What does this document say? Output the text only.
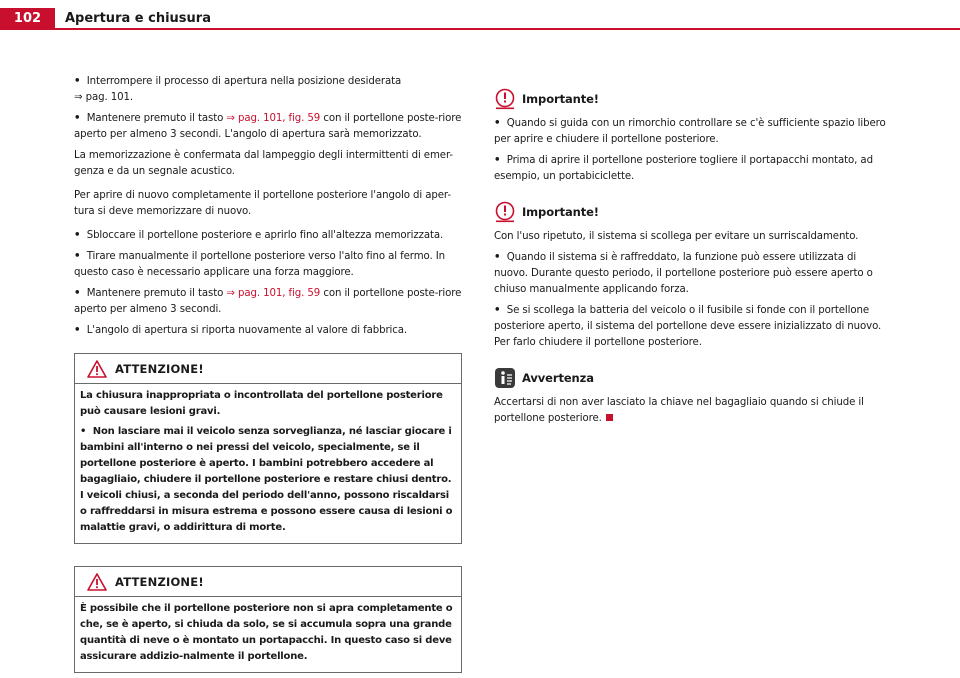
102	Apertura e chiusura
• Interrompere il processo di apertura nella posizione desiderata
⇒ pag. 101.
• Mantenere premuto il tasto ⇒ pag. 101, fig. 59 con il portellone poste-riore aperto per almeno 3 secondi. L'angolo di apertura sarà memorizzato.

La memorizzazione è confermata dal lampeggio degli intermittenti di emer-genza e da un segnale acustico.

Per aprire di nuovo completamente il portellone posteriore l'angolo di aper-tura si deve memorizzare di nuovo.

• Sbloccare il portellone posteriore e aprirlo fino all'altezza memorizzata.
• Tirare manualmente il portellone posteriore verso l'alto fino al fermo. In questo caso è necessario applicare una forza maggiore.
• Mantenere premuto il tasto ⇒ pag. 101, fig. 59 con il portellone poste-riore aperto per almeno 3 secondi.
• L'angolo di apertura si riporta nuovamente al valore di fabbrica.
ATTENZIONE!

La chiusura inappropriata o incontrollata del portellone posteriore può causare lesioni gravi.

• Non lasciare mai il veicolo senza sorveglianza, né lasciar giocare i bambini all'interno o nei pressi del veicolo, specialmente, se il portellone posteriore è aperto. I bambini potrebbero accedere al bagagliaio, chiudere il portellone posteriore e restare chiusi dentro. I veicoli chiusi, a seconda del periodo dell'anno, possono riscaldarsi o raffreddarsi in misura estrema e possono essere causa di lesioni o malattie gravi, o addirittura di morte.

ATTENZIONE!

È possibile che il portellone posteriore non si apra completamente o che, se è aperto, si chiuda da solo, se si accumula sopra una grande quantità di neve o è montato un portapacchi. In questo caso si deve assicurare addizio-nalmente il portellone.

Importante!
• Quando si guida con un rimorchio controllare se c'è sufficiente spazio libero per aprire e chiudere il portellone posteriore.
• Prima di aprire il portellone posteriore togliere il portapacchi montato, ad esempio, un portabiciclette.
Importante!

Con l'uso ripetuto, il sistema si scollega per evitare un surriscaldamento.

• Quando il sistema si è raffreddato, la funzione può essere utilizzata di nuovo. Durante questo periodo, il portellone posteriore può essere aperto o chiuso manualmente applicando forza.
• Se si scollega la batteria del veicolo o il fusibile si fonde con il portellone posteriore aperto, il sistema del portellone deve essere inizializzato di nuovo. Per farlo chiudere il portellone posteriore.
Avvertenza

Accertarsi di non aver lasciato la chiave nel bagagliaio quando si chiude il portellone posteriore.
